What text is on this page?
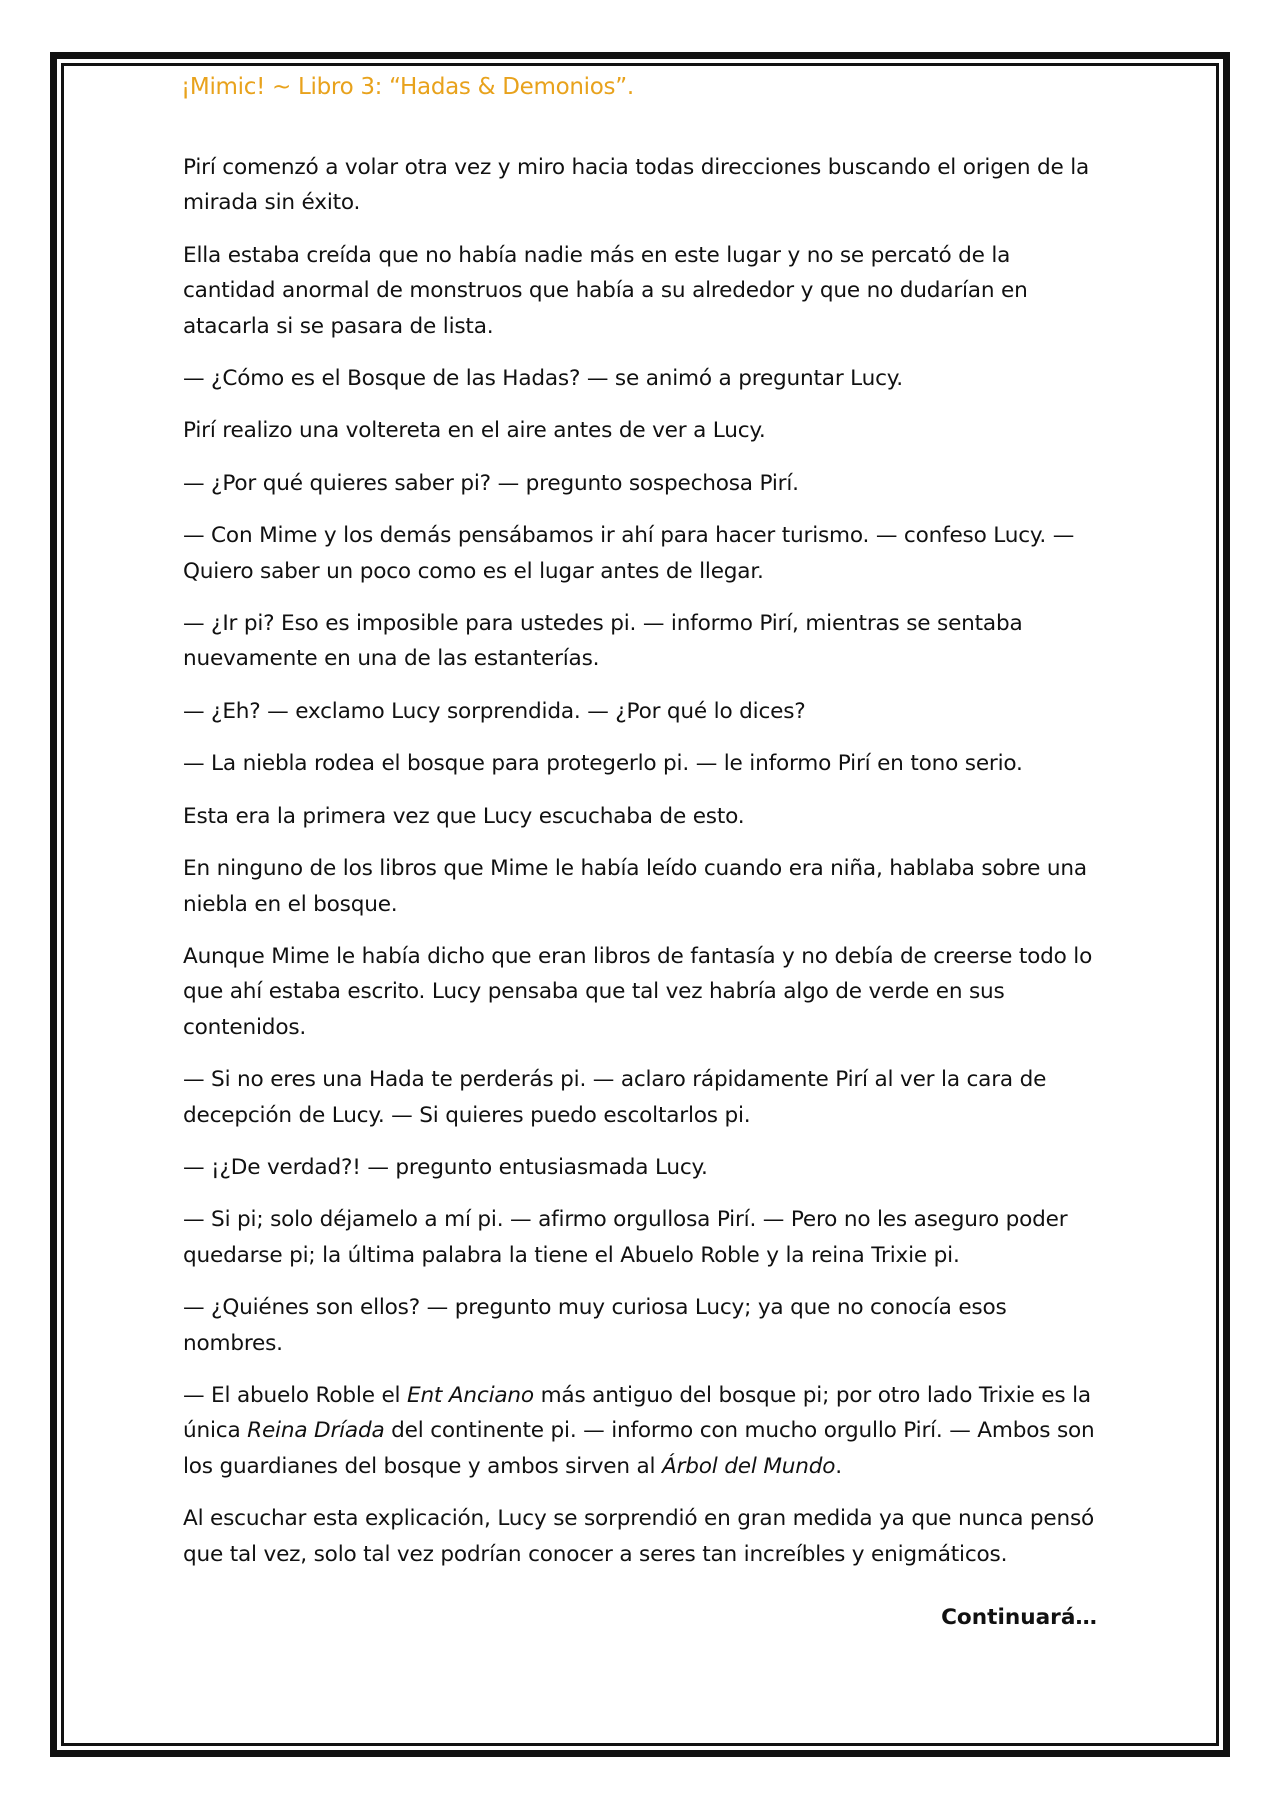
¡Mimic! ~ Libro 3: “Hadas & Demonios”.

Pirí comenzó a volar otra vez y miro hacia todas direcciones buscando el origen de la mirada sin éxito.

Ella estaba creída que no había nadie más en este lugar y no se percató de la cantidad anormal de monstruos que había a su alrededor y que no dudarían en atacarla si se pasara de lista.

— ¿Cómo es el Bosque de las Hadas? — se animó a preguntar Lucy.

Pirí realizo una voltereta en el aire antes de ver a Lucy.

— ¿Por qué quieres saber pi? — pregunto sospechosa Pirí.

— Con Mime y los demás pensábamos ir ahí para hacer turismo. — confeso Lucy. — Quiero saber un poco como es el lugar antes de llegar.

— ¿Ir pi? Eso es imposible para ustedes pi. — informo Pirí, mientras se sentaba nuevamente en una de las estanterías.

— ¿Eh? — exclamo Lucy sorprendida. — ¿Por qué lo dices?

— La niebla rodea el bosque para protegerlo pi. — le informo Pirí en tono serio.

Esta era la primera vez que Lucy escuchaba de esto.

En ninguno de los libros que Mime le había leído cuando era niña, hablaba sobre una niebla en el bosque.

Aunque Mime le había dicho que eran libros de fantasía y no debía de creerse todo lo que ahí estaba escrito. Lucy pensaba que tal vez habría algo de verde en sus contenidos.

— Si no eres una Hada te perderás pi. — aclaro rápidamente Pirí al ver la cara de decepción de Lucy. — Si quieres puedo escoltarlos pi.

— ¡¿De verdad?! — pregunto entusiasmada Lucy.

— Si pi; solo déjamelo a mí pi. — afirmo orgullosa Pirí. — Pero no les aseguro poder quedarse pi; la última palabra la tiene el Abuelo Roble y la reina Trixie pi.

— ¿Quiénes son ellos? — pregunto muy curiosa Lucy; ya que no conocía esos nombres.

— El abuelo Roble el Ent Anciano más antiguo del bosque pi; por otro lado Trixie es la única Reina Dríada del continente pi. — informo con mucho orgullo Pirí. — Ambos son los guardianes del bosque y ambos sirven al Árbol del Mundo.

Al escuchar esta explicación, Lucy se sorprendió en gran medida ya que nunca pensó que tal vez, solo tal vez podrían conocer a seres tan increíbles y enigmáticos.

Continuará…
